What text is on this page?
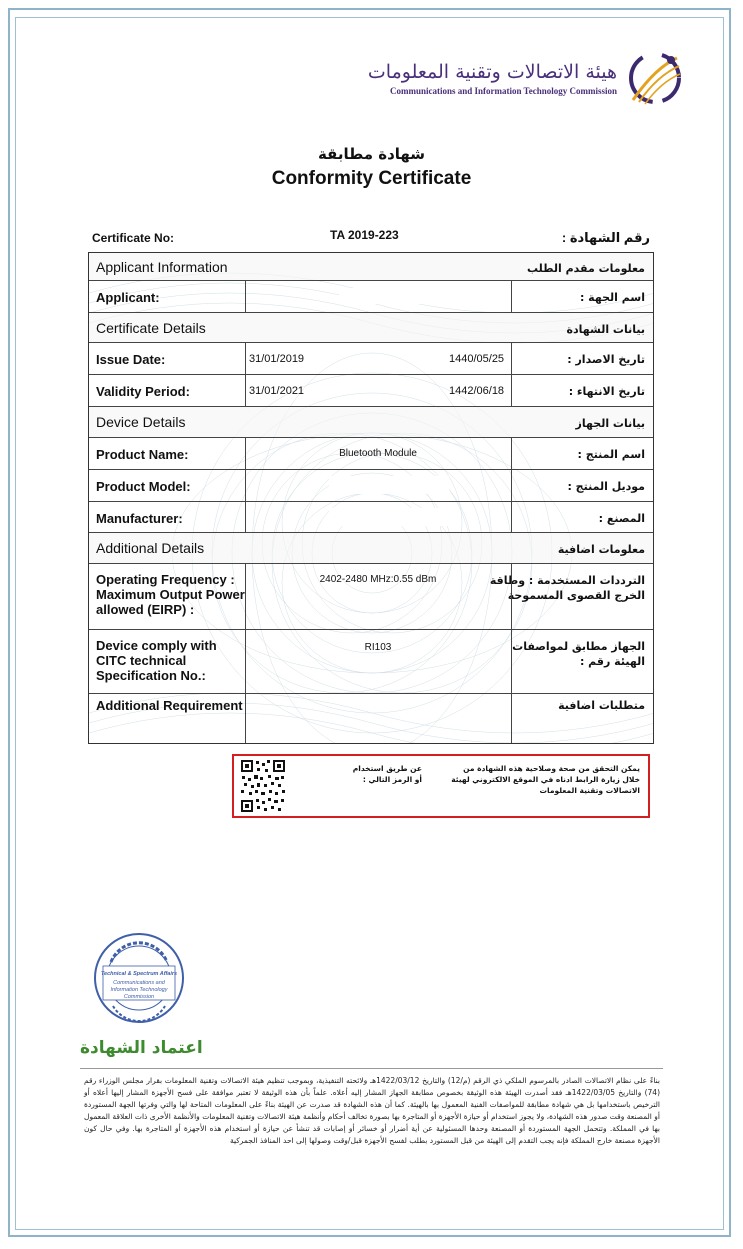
هيئة الاتصالات وتقنية المعلومات
Communications and Information Technology Commission
شهادة مطابقة
Conformity Certificate
Certificate No:	TA 2019-223	رقم الشهادة :
Applicant Information	معلومات مقدم الطلب
Applicant:	اسم الجهة :
Certificate Details	بيانات الشهادة
Issue Date:	31/01/2019	1440/05/25	تاريخ الاصدار :
Validity Period:	31/01/2021	1442/06/18	تاريخ الانتهاء :
Device Details	بيانات الجهاز
Product Name:	Bluetooth Module	اسم المنتج :
Product Model:	موديل المنتج :
Manufacturer:	المصنع :
Additional Details	معلومات اضافية
Operating Frequency :
Maximum Output Power
allowed (EIRP) :
2402-2480 MHz:0.55 dBm	الترددات المستخدمة : وطاقة
الخرج القصوى المسموحة
Device comply with
CITC technical
Specification No.:
RI103	الجهاز مطابق لمواصفات
الهيئة رقم :
Additional Requirement	متطلبات اضافية
عن طريق استخدام
أو الرمز التالي :
يمكن التحقق من صحة وصلاحية هذه الشهادة من خلال زيارة الرابط ادناه في الموقع الالكتروني لهيئة الاتصالات وتقنية المعلومات
Technical & Spectrum Affairs
Communications and
Information Technology
Commission
اعتماد الشهادة
بناءً على نظام الاتصالات الصادر بالمرسوم الملكي ذي الرقم (م/12) والتاريخ 1422/03/12هـ ولائحته التنفيذية، وبموجب تنظيم هيئة الاتصالات وتقنية المعلومات بقرار مجلس الوزراء رقم (74) والتاريخ 1422/03/05هـ فقد أصدرت الهيئة هذه الوثيقة بخصوص مطابقة الجهاز المشار إليه أعلاه. علماً بأن هذه الوثيقة لا تعتبر موافقة على فسح الأجهزة المشار إليها أعلاه أو الترخيص باستخدامها بل هي شهادة مطابقة للمواصفات الفنية المعمول بها بالهيئة. كما أن هذه الشهادة قد صدرت عن الهيئة بناءً على المعلومات المتاحة لها والتي وفرتها الجهة المستوردة أو المصنعة وقت صدور هذه الشهادة، ولا يجوز استخدام أو حيازة الأجهزة أو المتاجرة بها بصورة تخالف أحكام وأنظمة هيئة الاتصالات وتقنية المعلومات والأنظمة الأخرى ذات العلاقة المعمول بها في المملكة. وتتحمل الجهة المستوردة أو المصنعة وحدها المسئولية عن أية أضرار أو خسائر أو إصابات قد تنشأ عن حيازة أو استخدام هذه الأجهزة أو المتاجرة بها. وفي حال كون الأجهزة مصنعة خارج المملكة فإنه يجب التقدم إلى الهيئة من قبل المستورد بطلب لفسح الأجهزة قبل/وقت وصولها إلى احد المنافذ الجمركية
